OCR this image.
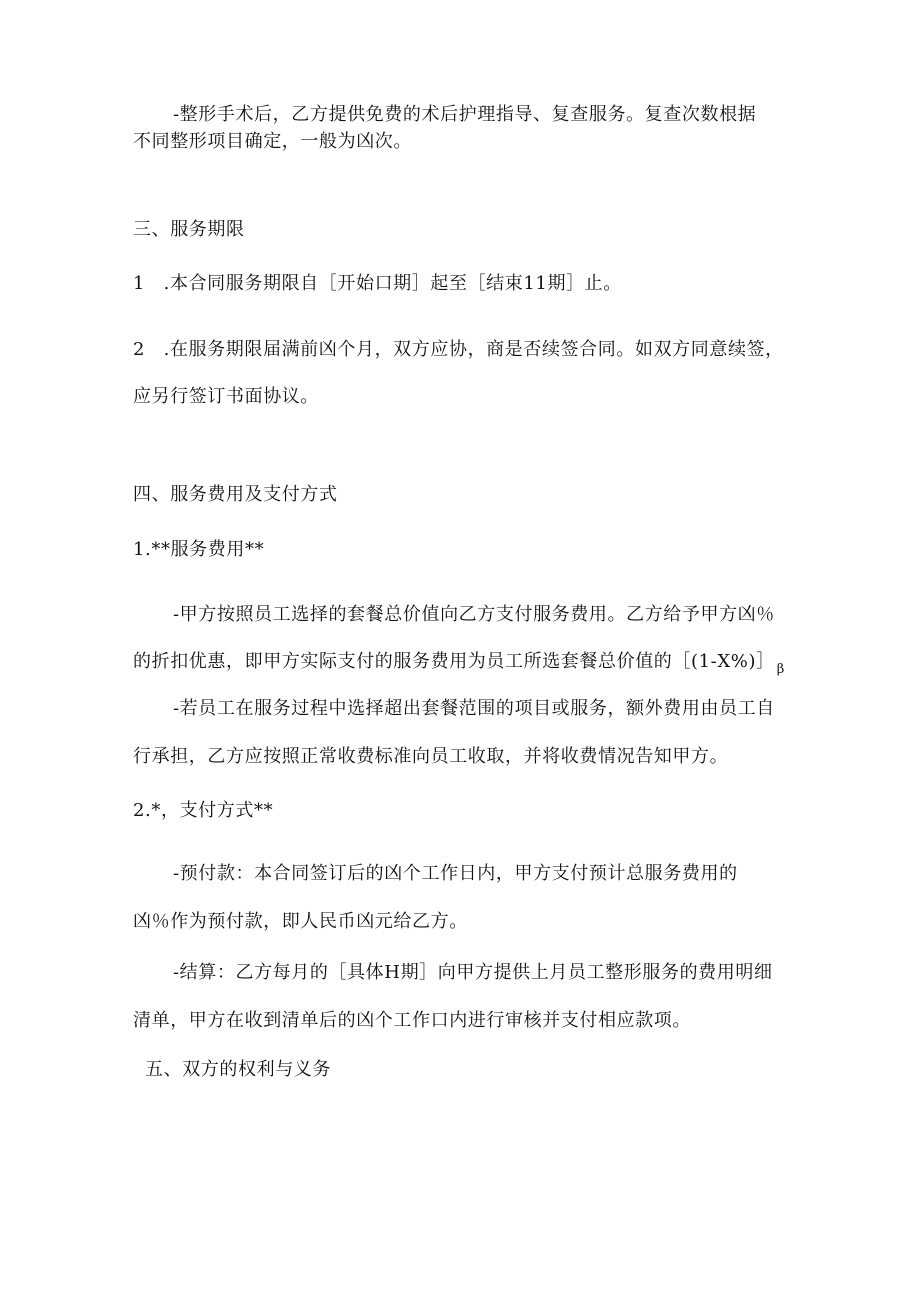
-整形手术后，乙方提供免费的术后护理指导、复查服务。复查次数根据
不同整形项目确定，一般为凶次。
三、服务期限
1　.本合同服务期限自［开始口期］起至［结束11期］止。
2　.在服务期限届满前凶个月，双方应协，商是否续签合同。如双方同意续签，
应另行签订书面协议。
四、服务费用及支付方式
1.**服务费用**
-甲方按照员工选择的套餐总价值向乙方支付服务费用。乙方给予甲方凶％
的折扣优惠，即甲方实际支付的服务费用为员工所选套餐总价值的［(1-X%)］ $_\beta$
-若员工在服务过程中选择超出套餐范围的项目或服务，额外费用由员工自
行承担，乙方应按照正常收费标准向员工收取，并将收费情况告知甲方。
2.*，支付方式**
-预付款：本合同签订后的凶个工作日内，甲方支付预计总服务费用的
凶％作为预付款，即人民币凶元给乙方。
-结算：乙方每月的［具体H期］向甲方提供上月员工整形服务的费用明细
清单，甲方在收到清单后的凶个工作口内进行审核并支付相应款项。
五、双方的权利与义务
